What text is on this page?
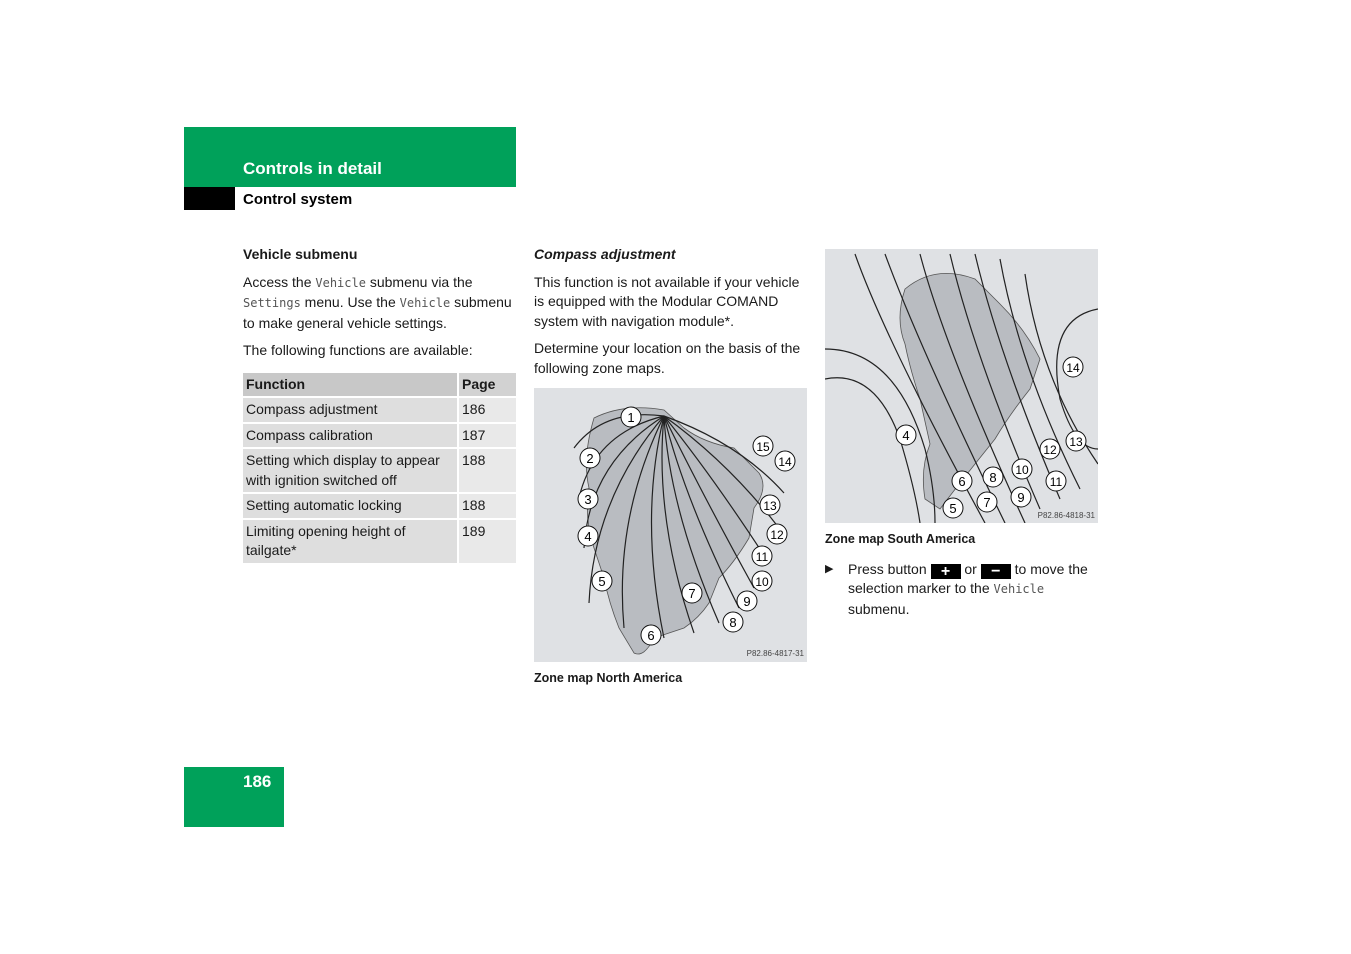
Controls in detail
Control system
Vehicle submenu

Access the Vehicle submenu via the Settings menu. Use the Vehicle submenu to make general vehicle settings.

The following functions are available:

Function	Page
Compass adjustment	186
Compass calibration	187
Setting which display to appear with ignition switched off	188
Setting automatic locking	188
Limiting opening height of tailgate*	189
Compass adjustment

This function is not available if your vehicle is equipped with the Modular COMAND system with navigation module*.

Determine your location on the basis of the following zone maps.

1
2
3
4
5
6
7
8
9
10
11
12
13
14
15
P82.86-4817-31
Zone map North America
4
5
6
7
8
9
10
11
12
13
14
P82.86-4818-31
Zone map South America
▶ Press button + or − to move the selection marker to the Vehicle
submenu.
186
